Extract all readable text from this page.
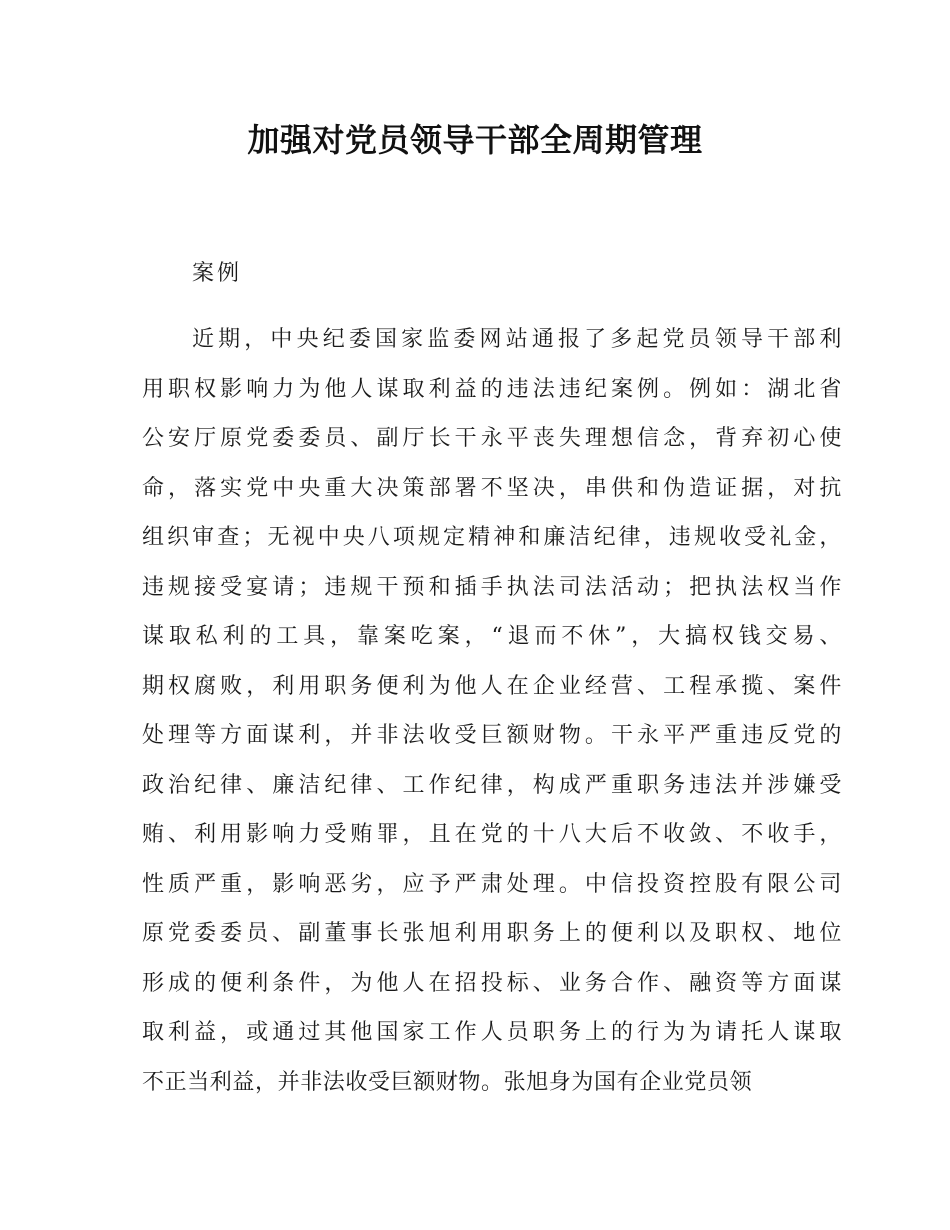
加强对党员领导干部全周期管理

案例

近期，中央纪委国家监委网站通报了多起党员领导干部利
用职权影响力为他人谋取利益的违法违纪案例。例如：湖北省
公安厅原党委委员、副厅长干永平丧失理想信念，背弃初心使
命，落实党中央重大决策部署不坚决，串供和伪造证据，对抗
组织审查；无视中央八项规定精神和廉洁纪律，违规收受礼金，
违规接受宴请；违规干预和插手执法司法活动；把执法权当作
谋取私利的工具，靠案吃案，“退而不休”，大搞权钱交易、
期权腐败，利用职务便利为他人在企业经营、工程承揽、案件
处理等方面谋利，并非法收受巨额财物。干永平严重违反党的
政治纪律、廉洁纪律、工作纪律，构成严重职务违法并涉嫌受
贿、利用影响力受贿罪，且在党的十八大后不收敛、不收手，
性质严重，影响恶劣，应予严肃处理。中信投资控股有限公司
原党委委员、副董事长张旭利用职务上的便利以及职权、地位
形成的便利条件，为他人在招投标、业务合作、融资等方面谋
取利益，或通过其他国家工作人员职务上的行为为请托人谋取
不正当利益，并非法收受巨额财物。张旭身为国有企业党员领
